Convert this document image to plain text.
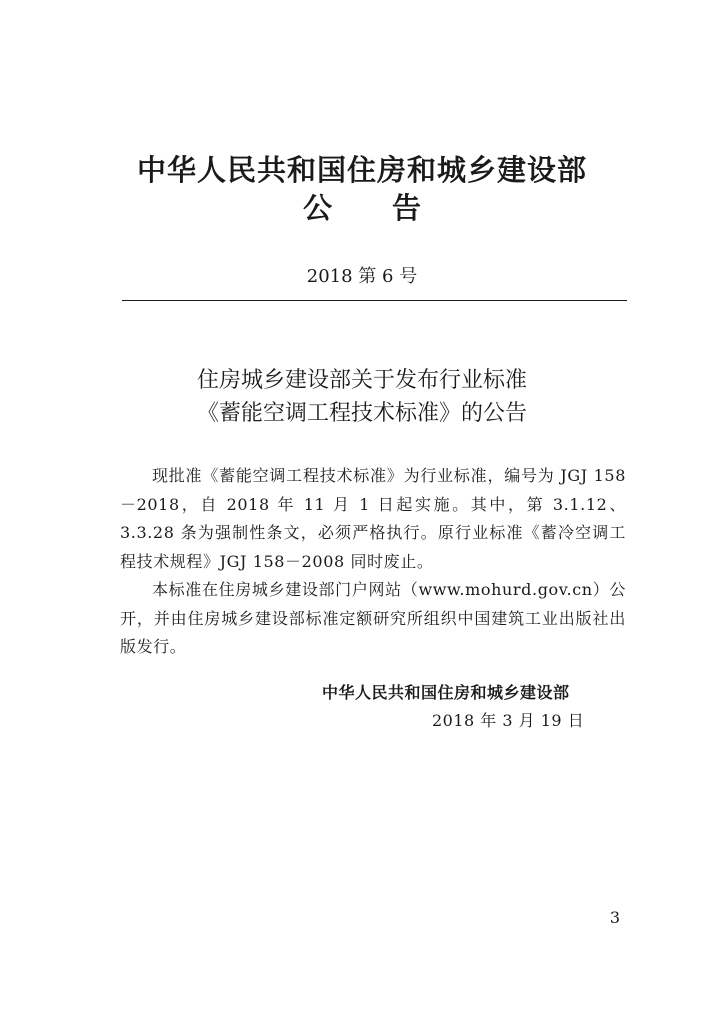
中华人民共和国住房和城乡建设部
公告
2018 第 6 号
住房城乡建设部关于发布行业标准
《蓄能空调工程技术标准》的公告

现批准《蓄能空调工程技术标准》为行业标准，编号为 JGJ 158－2018，自 2018 年 11 月 1 日起实施。其中，第 3.1.12、3.3.28 条为强制性条文，必须严格执行。原行业标准《蓄冷空调工程技术规程》JGJ 158－2008 同时废止。

本标准在住房城乡建设部门户网站（www.mohurd.gov.cn）公开，并由住房城乡建设部标准定额研究所组织中国建筑工业出版社出版发行。

中华人民共和国住房和城乡建设部
2018 年 3 月 19 日
3
